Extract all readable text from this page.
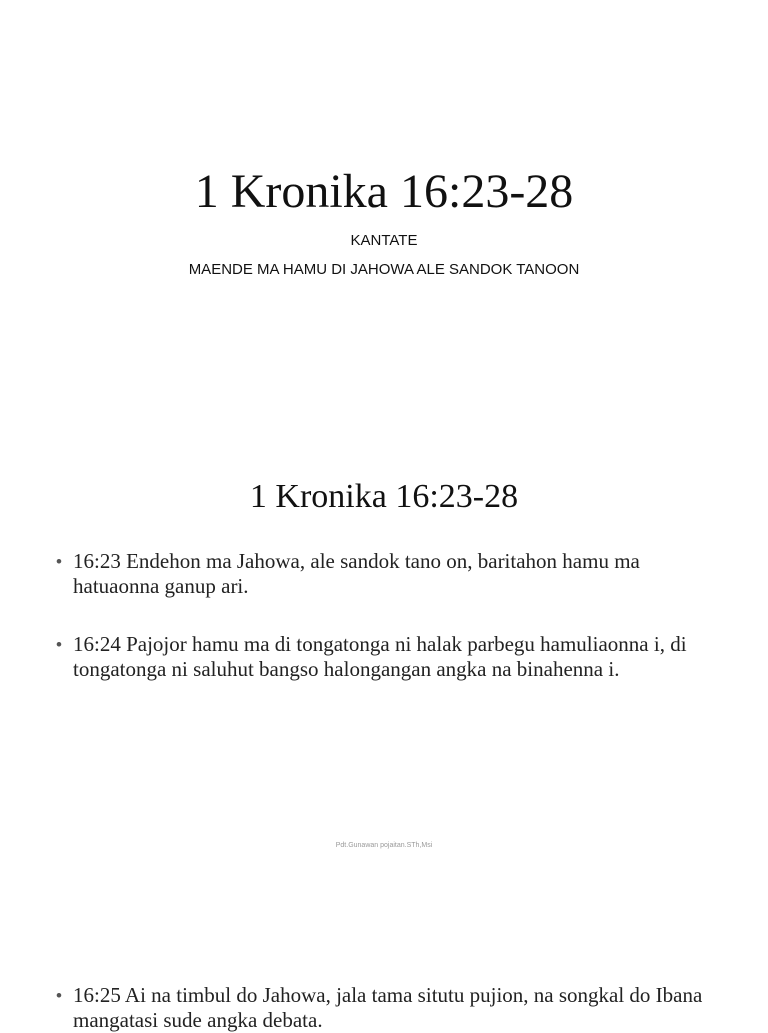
1 Kronika 16:23-28
KANTATE
MAENDE MA HAMU DI JAHOWA ALE SANDOK TANOON
1 Kronika 16:23-28
• 16:23 Endehon ma Jahowa, ale sandok tano on, baritahon hamu ma hatuaonna ganup ari.
• 16:24 Pajojor hamu ma di tongatonga ni halak parbegu hamuliaonna i, di tongatonga ni saluhut bangso halongangan angka na binahenna i.
Pdt.Gunawan pojaitan.STh,Msi
• 16:25 Ai na timbul do Jahowa, jala tama situtu pujion, na songkal do Ibana mangatasi sude angka debata.
